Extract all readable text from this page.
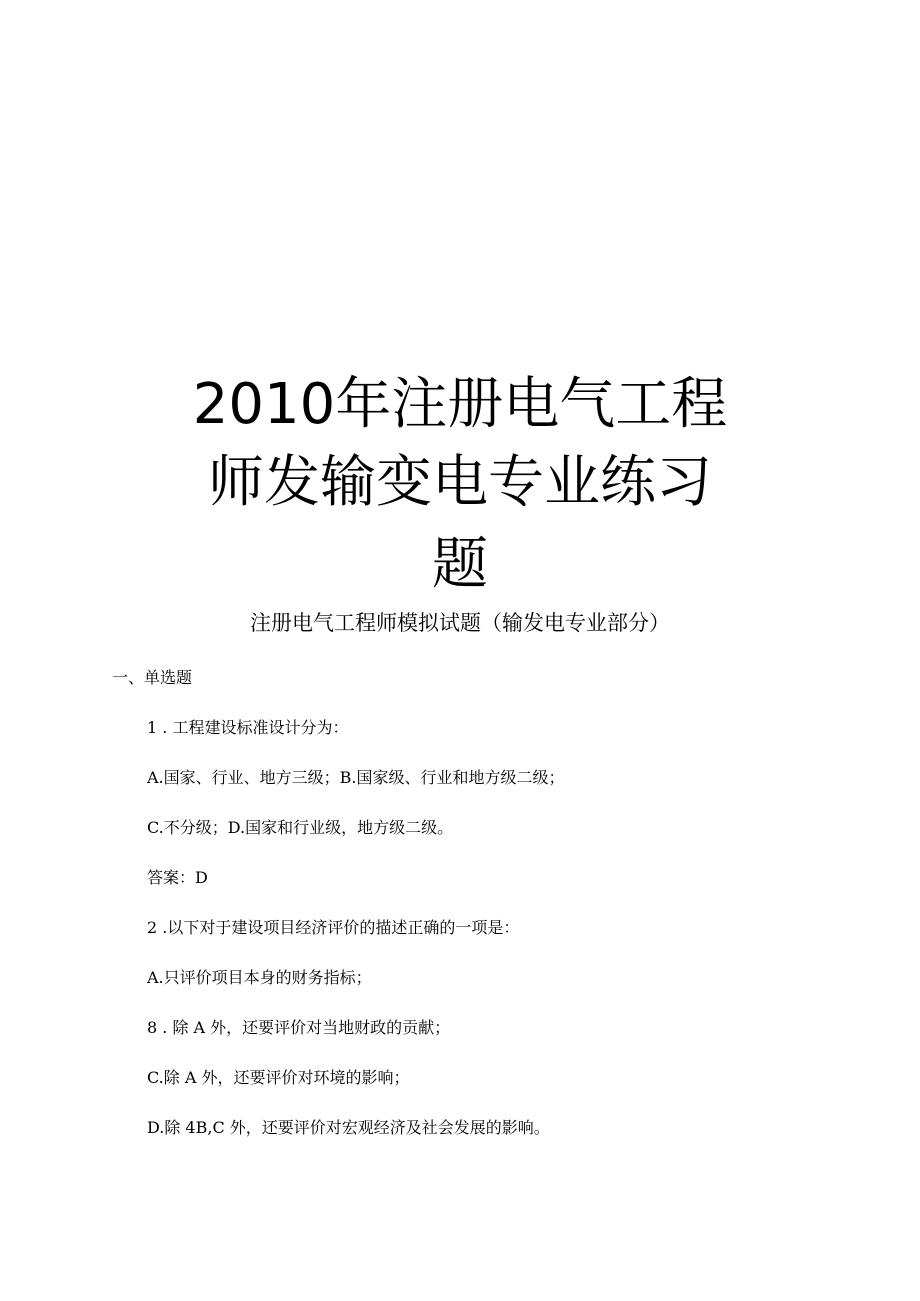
2010年注册电气工程
师发输变电专业练习
题
注册电气工程师模拟试题（输发电专业部分）
一、单选题
1 . 工程建设标准设计分为：
A.国家、行业、地方三级；B.国家级、行业和地方级二级；
C.不分级；D.国家和行业级，地方级二级。
答案：D
2 .以下对于建设项目经济评价的描述正确的一项是：
A.只评价项目本身的财务指标；
8 . 除 A 外，还要评价对当地财政的贡献；
C.除 A 外，还要评价对环境的影响；
D.除 4B,C 外，还要评价对宏观经济及社会发展的影响。
